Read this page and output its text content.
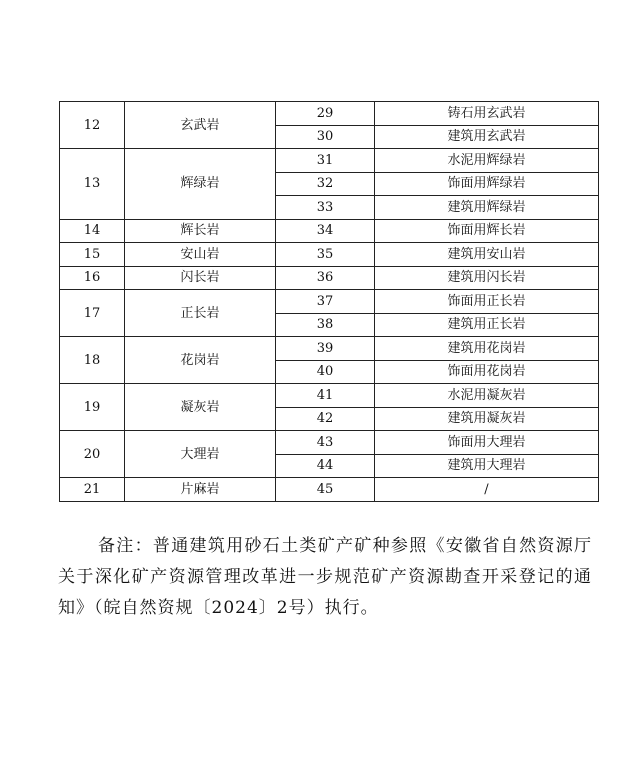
12	玄武岩	29	铸石用玄武岩
		30	建筑用玄武岩
13	辉绿岩	31	水泥用辉绿岩
		32	饰面用辉绿岩
		33	建筑用辉绿岩
14	辉长岩	34	饰面用辉长岩
15	安山岩	35	建筑用安山岩
16	闪长岩	36	建筑用闪长岩
17	正长岩	37	饰面用正长岩
		38	建筑用正长岩
18	花岗岩	39	建筑用花岗岩
		40	饰面用花岗岩
19	凝灰岩	41	水泥用凝灰岩
		42	建筑用凝灰岩
20	大理岩	43	饰面用大理岩
		44	建筑用大理岩
21	片麻岩	45	/

备注：普通建筑用砂石土类矿产矿种参照《安徽省自然资源厅关于深化矿产资源管理改革进一步规范矿产资源勘查开采登记的通知》（皖自然资规〔2024〕2号）执行。
